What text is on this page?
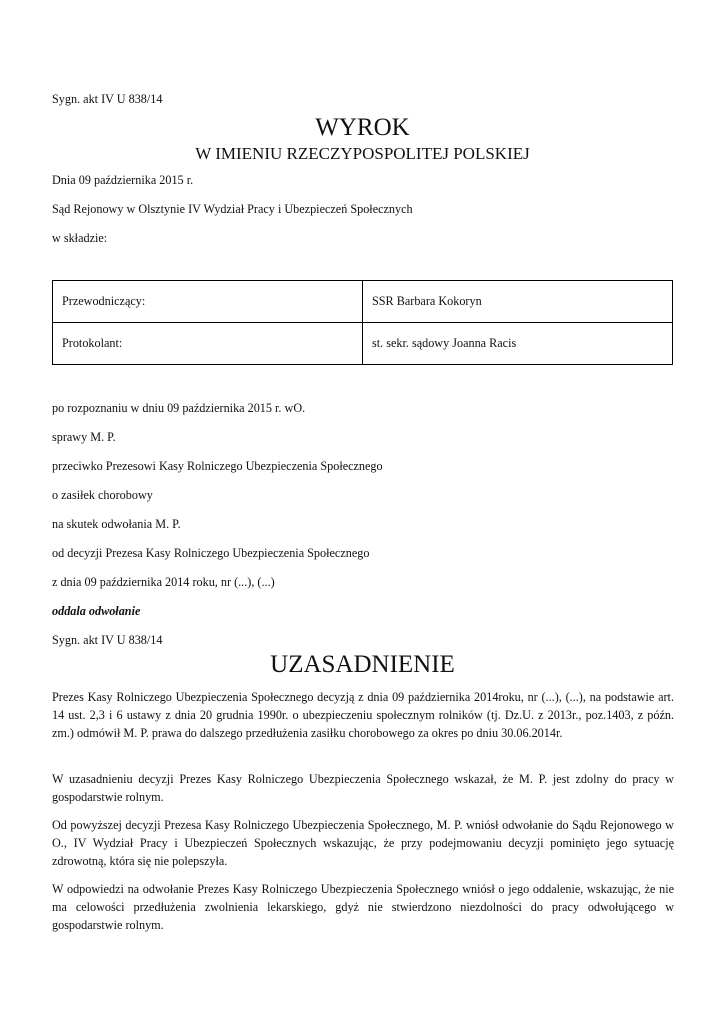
Sygn. akt IV U 838/14
WYROK
W IMIENIU RZECZYPOSPOLITEJ POLSKIEJ
Dnia 09 października 2015 r.
Sąd Rejonowy w Olsztynie IV Wydział Pracy i Ubezpieczeń Społecznych
w składzie:
Przewodniczący:	SSR Barbara Kokoryn
Protokolant:	st. sekr. sądowy Joanna Racis
po rozpoznaniu w dniu 09 października 2015 r. wO.
sprawy M. P.
przeciwko Prezesowi Kasy Rolniczego Ubezpieczenia Społecznego
o zasiłek chorobowy
na skutek odwołania M. P.
od decyzji Prezesa Kasy Rolniczego Ubezpieczenia Społecznego
z dnia 09 października 2014 roku, nr (...), (...)
oddala odwołanie
Sygn. akt IV U 838/14
UZASADNIENIE

Prezes Kasy Rolniczego Ubezpieczenia Społecznego decyzją z dnia 09 października 2014roku, nr (...), (...), na podstawie art. 14 ust. 2,3 i 6 ustawy z dnia 20 grudnia 1990r. o ubezpieczeniu społecznym rolników (tj. Dz.U. z 2013r., poz.1403, z późn. zm.) odmówił M. P. prawa do dalszego przedłużenia zasiłku chorobowego za okres po dniu 30.06.2014r.

W uzasadnieniu decyzji Prezes Kasy Rolniczego Ubezpieczenia Społecznego wskazał, że M. P. jest zdolny do pracy w gospodarstwie rolnym.

Od powyższej decyzji Prezesa Kasy Rolniczego Ubezpieczenia Społecznego, M. P. wniósł odwołanie do Sądu Rejonowego w O., IV Wydział Pracy i Ubezpieczeń Społecznych wskazując, że przy podejmowaniu decyzji pominięto jego sytuację zdrowotną, która się nie polepszyła.

W odpowiedzi na odwołanie Prezes Kasy Rolniczego Ubezpieczenia Społecznego wniósł o jego oddalenie, wskazując, że nie ma celowości przedłużenia zwolnienia lekarskiego, gdyż nie stwierdzono niezdolności do pracy odwołującego w gospodarstwie rolnym.
